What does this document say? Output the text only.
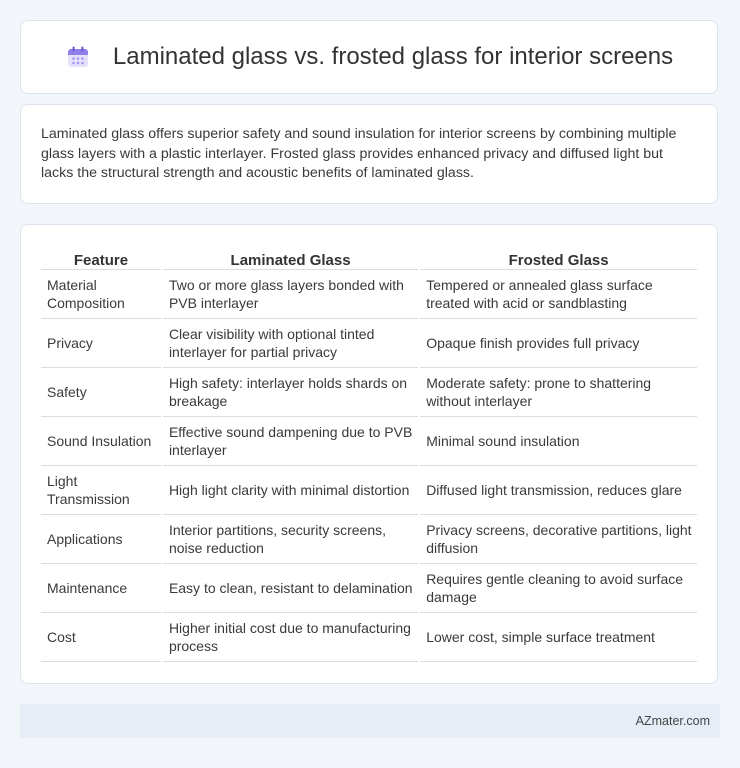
Laminated glass vs. frosted glass for interior screens

Laminated glass offers superior safety and sound insulation for interior screens by combining multiple glass layers with a plastic interlayer. Frosted glass provides enhanced privacy and diffused light but lacks the structural strength and acoustic benefits of laminated glass.

Feature	Laminated Glass	Frosted Glass
Material Composition	Two or more glass layers bonded with PVB interlayer	Tempered or annealed glass surface treated with acid or sandblasting
Privacy	Clear visibility with optional tinted interlayer for partial privacy	Opaque finish provides full privacy
Safety	High safety: interlayer holds shards on breakage	Moderate safety: prone to shattering without interlayer
Sound Insulation	Effective sound dampening due to PVB interlayer	Minimal sound insulation
Light Transmission	High light clarity with minimal distortion	Diffused light transmission, reduces glare
Applications	Interior partitions, security screens, noise reduction	Privacy screens, decorative partitions, light diffusion
Maintenance	Easy to clean, resistant to delamination	Requires gentle cleaning to avoid surface damage
Cost	Higher initial cost due to manufacturing process	Lower cost, simple surface treatment
AZmater.com
